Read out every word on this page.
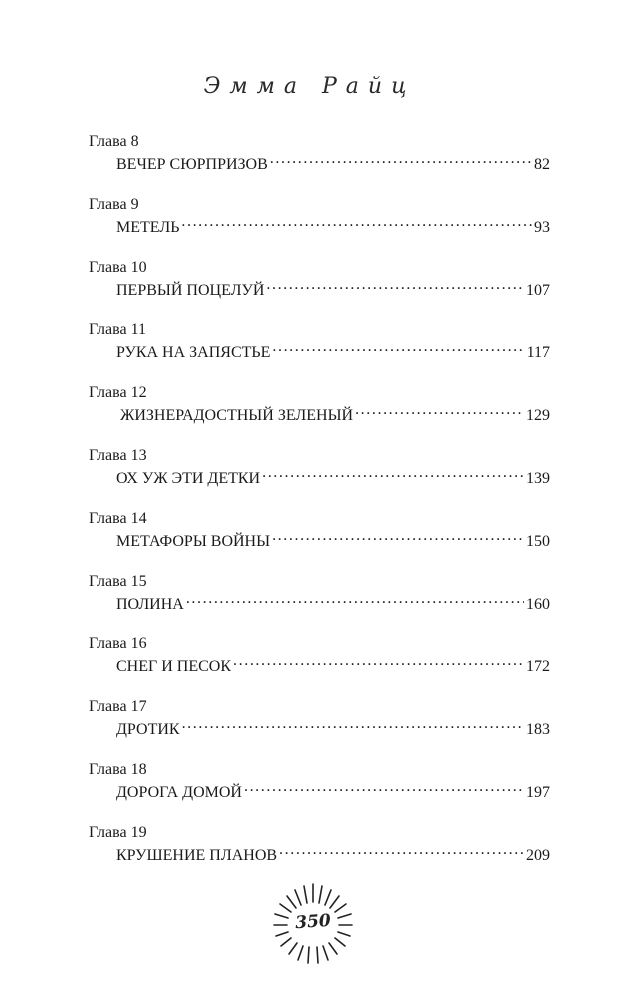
Эмма Райц
Глава 8
ВЕЧЕР СЮРПРИЗОВ . . .	82
Глава 9
МЕТЕЛЬ . . .	93
Глава 10
ПЕРВЫЙ ПОЦЕЛУЙ . . .	107
Глава 11
РУКА НА ЗАПЯСТЬЕ . . .	117
Глава 12
ЖИЗНЕРАДОСТНЫЙ ЗЕЛЕНЫЙ . . .	129
Глава 13
ОХ УЖ ЭТИ ДЕТКИ . . .	139
Глава 14
МЕТАФОРЫ ВОЙНЫ . . .	150
Глава 15
ПОЛИНА . . .	160
Глава 16
СНЕГ И ПЕСОК . . .	172
Глава 17
ДРОТИК . . .	183
Глава 18
ДОРОГА ДОМОЙ . . .	197
Глава 19
КРУШЕНИЕ ПЛАНОВ . . .	209
350
